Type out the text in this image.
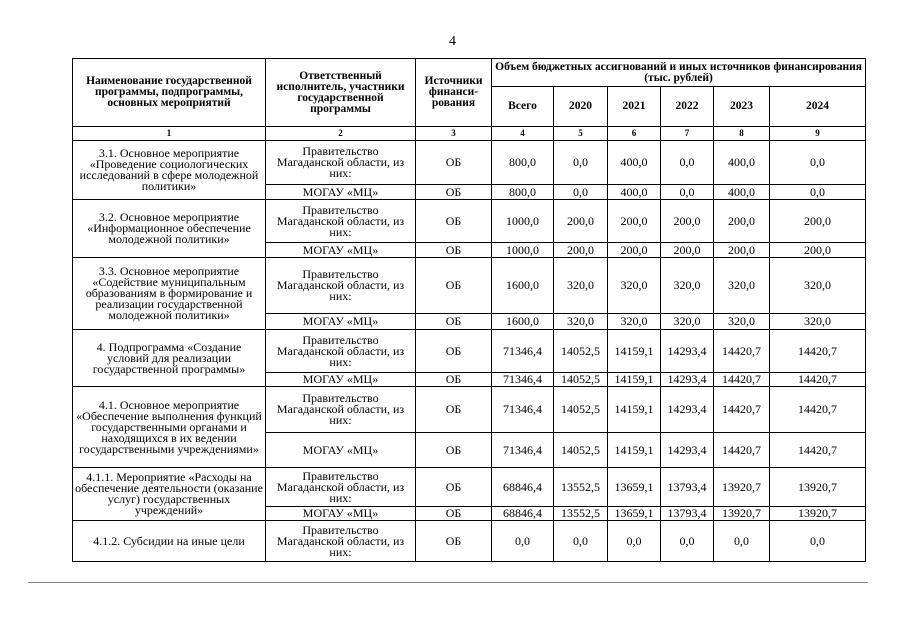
4
Наименование государственной программы, подпрограммы, основных мероприятий	Ответственный исполнитель, участники государственной программы	Источники финанси-рования	Объем бюджетных ассигнований и иных источников финансирования (тыс. рублей)					
			Всего	2020	2021	2022	2023	2024
1	2	3	4	5	6	7	8	9
3.1. Основное мероприятие «Проведение социологических исследований в сфере молодежной политики»	Правительство Магаданской области, из них:	ОБ	800,0	0,0	400,0	0,0	400,0	0,0
	МОГАУ «МЦ»	ОБ	800,0	0,0	400,0	0,0	400,0	0,0
3.2. Основное мероприятие «Информационное обеспечение молодежной политики»	Правительство Магаданской области, из них:	ОБ	1000,0	200,0	200,0	200,0	200,0	200,0
	МОГАУ «МЦ»	ОБ	1000,0	200,0	200,0	200,0	200,0	200,0
3.3. Основное мероприятие «Содействие муниципальным образованиям в формирование и реализации государственной молодежной политики»	Правительство Магаданской области, из них:	ОБ	1600,0	320,0	320,0	320,0	320,0	320,0
	МОГАУ «МЦ»	ОБ	1600,0	320,0	320,0	320,0	320,0	320,0
4. Подпрограмма «Создание условий для реализации государственной программы»	Правительство Магаданской области, из них:	ОБ	71346,4	14052,5	14159,1	14293,4	14420,7	14420,7
	МОГАУ «МЦ»	ОБ	71346,4	14052,5	14159,1	14293,4	14420,7	14420,7
4.1. Основное мероприятие «Обеспечение выполнения функций государственными органами и находящихся в их ведении государственными учреждениями»	Правительство Магаданской области, из них:	ОБ	71346,4	14052,5	14159,1	14293,4	14420,7	14420,7
	МОГАУ «МЦ»	ОБ	71346,4	14052,5	14159,1	14293,4	14420,7	14420,7
4.1.1. Мероприятие «Расходы на обеспечение деятельности (оказание услуг) государственных учреждений»	Правительство Магаданской области, из них:	ОБ	68846,4	13552,5	13659,1	13793,4	13920,7	13920,7
	МОГАУ «МЦ»	ОБ	68846,4	13552,5	13659,1	13793,4	13920,7	13920,7
4.1.2. Субсидии на иные цели	Правительство Магаданской области, из них:	ОБ	0,0	0,0	0,0	0,0	0,0	0,0
